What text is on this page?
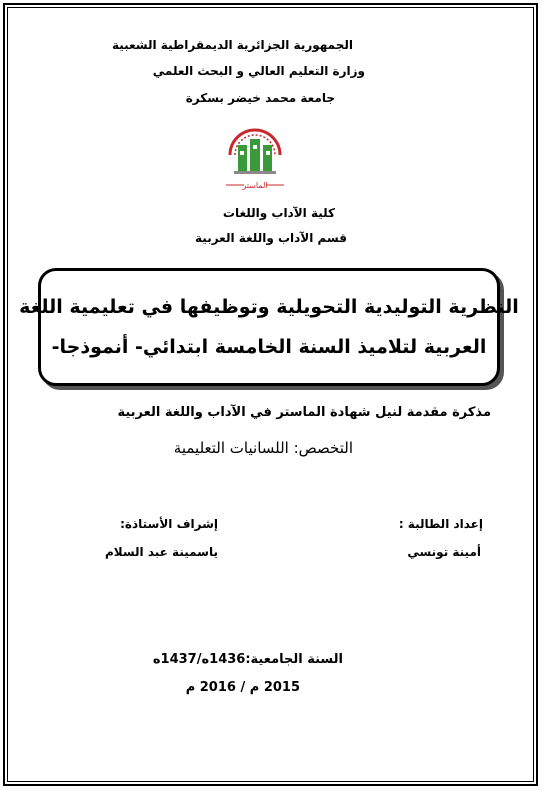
الجمهورية الجزائرية الديمقراطية الشعبية
وزارة التعليم العالي و البحث العلمي
جامعة محمد خيضر بسكرة
الماستر
كلية الآداب واللغات
قسم الآداب واللغة العربية
النظرية التوليدية التحويلية وتوظيفها في تعليمية اللغة
العربية لتلاميذ السنة الخامسة ابتدائي- أنموذجا-
مذكرة مقدمة لنيل شهادة الماستر في الآداب واللغة العربية
التخصص: اللسانيات التعليمية
إعداد الطالبة :
إشراف الأستاذة:
أمينة تونسي
ياسمينة عبد السلام
السنة الجامعية:1436ه/1437ه
2015 م / 2016 م
